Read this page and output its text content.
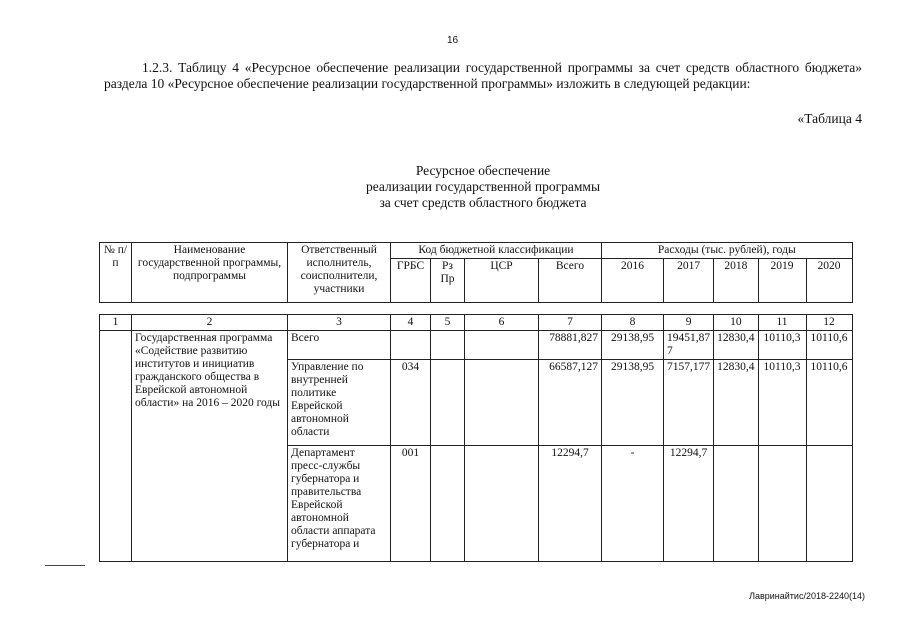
16
1.2.3. Таблицу 4 «Ресурсное обеспечение реализации государственной программы за счет средств областного бюджета» раздела 10 «Ресурсное обеспечение реализации государственной программы» изложить в следующей редакции:
«Таблица 4
Ресурсное обеспечение
реализации государственной программы
за счет средств областного бюджета
№ п/п	Наименование государственной программы, подпрограммы	Ответственный исполнитель, соисполнители, участники	Код бюджетной классификации				Расходы (тыс. рублей), годы				
			ГРБС	Рз Пр	ЦСР	Всего	2016	2017	2018	2019	2020

1	2	3	4	5	6	7	8	9	10	11	12
	Государственная программа «Содействие развитию институтов и инициатив гражданского общества в Еврейской автономной области» на 2016 – 2020 годы	Всего				78881,827	29138,95	19451,877	12830,4	10110,3	10110,6
		Управление по внутренней политике Еврейской автономной области	034			66587,127	29138,95	7157,177	12830,4	10110,3	10110,6
		Департамент пресс-службы губернатора и правительства Еврейской автономной области аппарата губернатора и	001			12294,7	-	12294,7			
Лавринайтис/2018-2240(14)
